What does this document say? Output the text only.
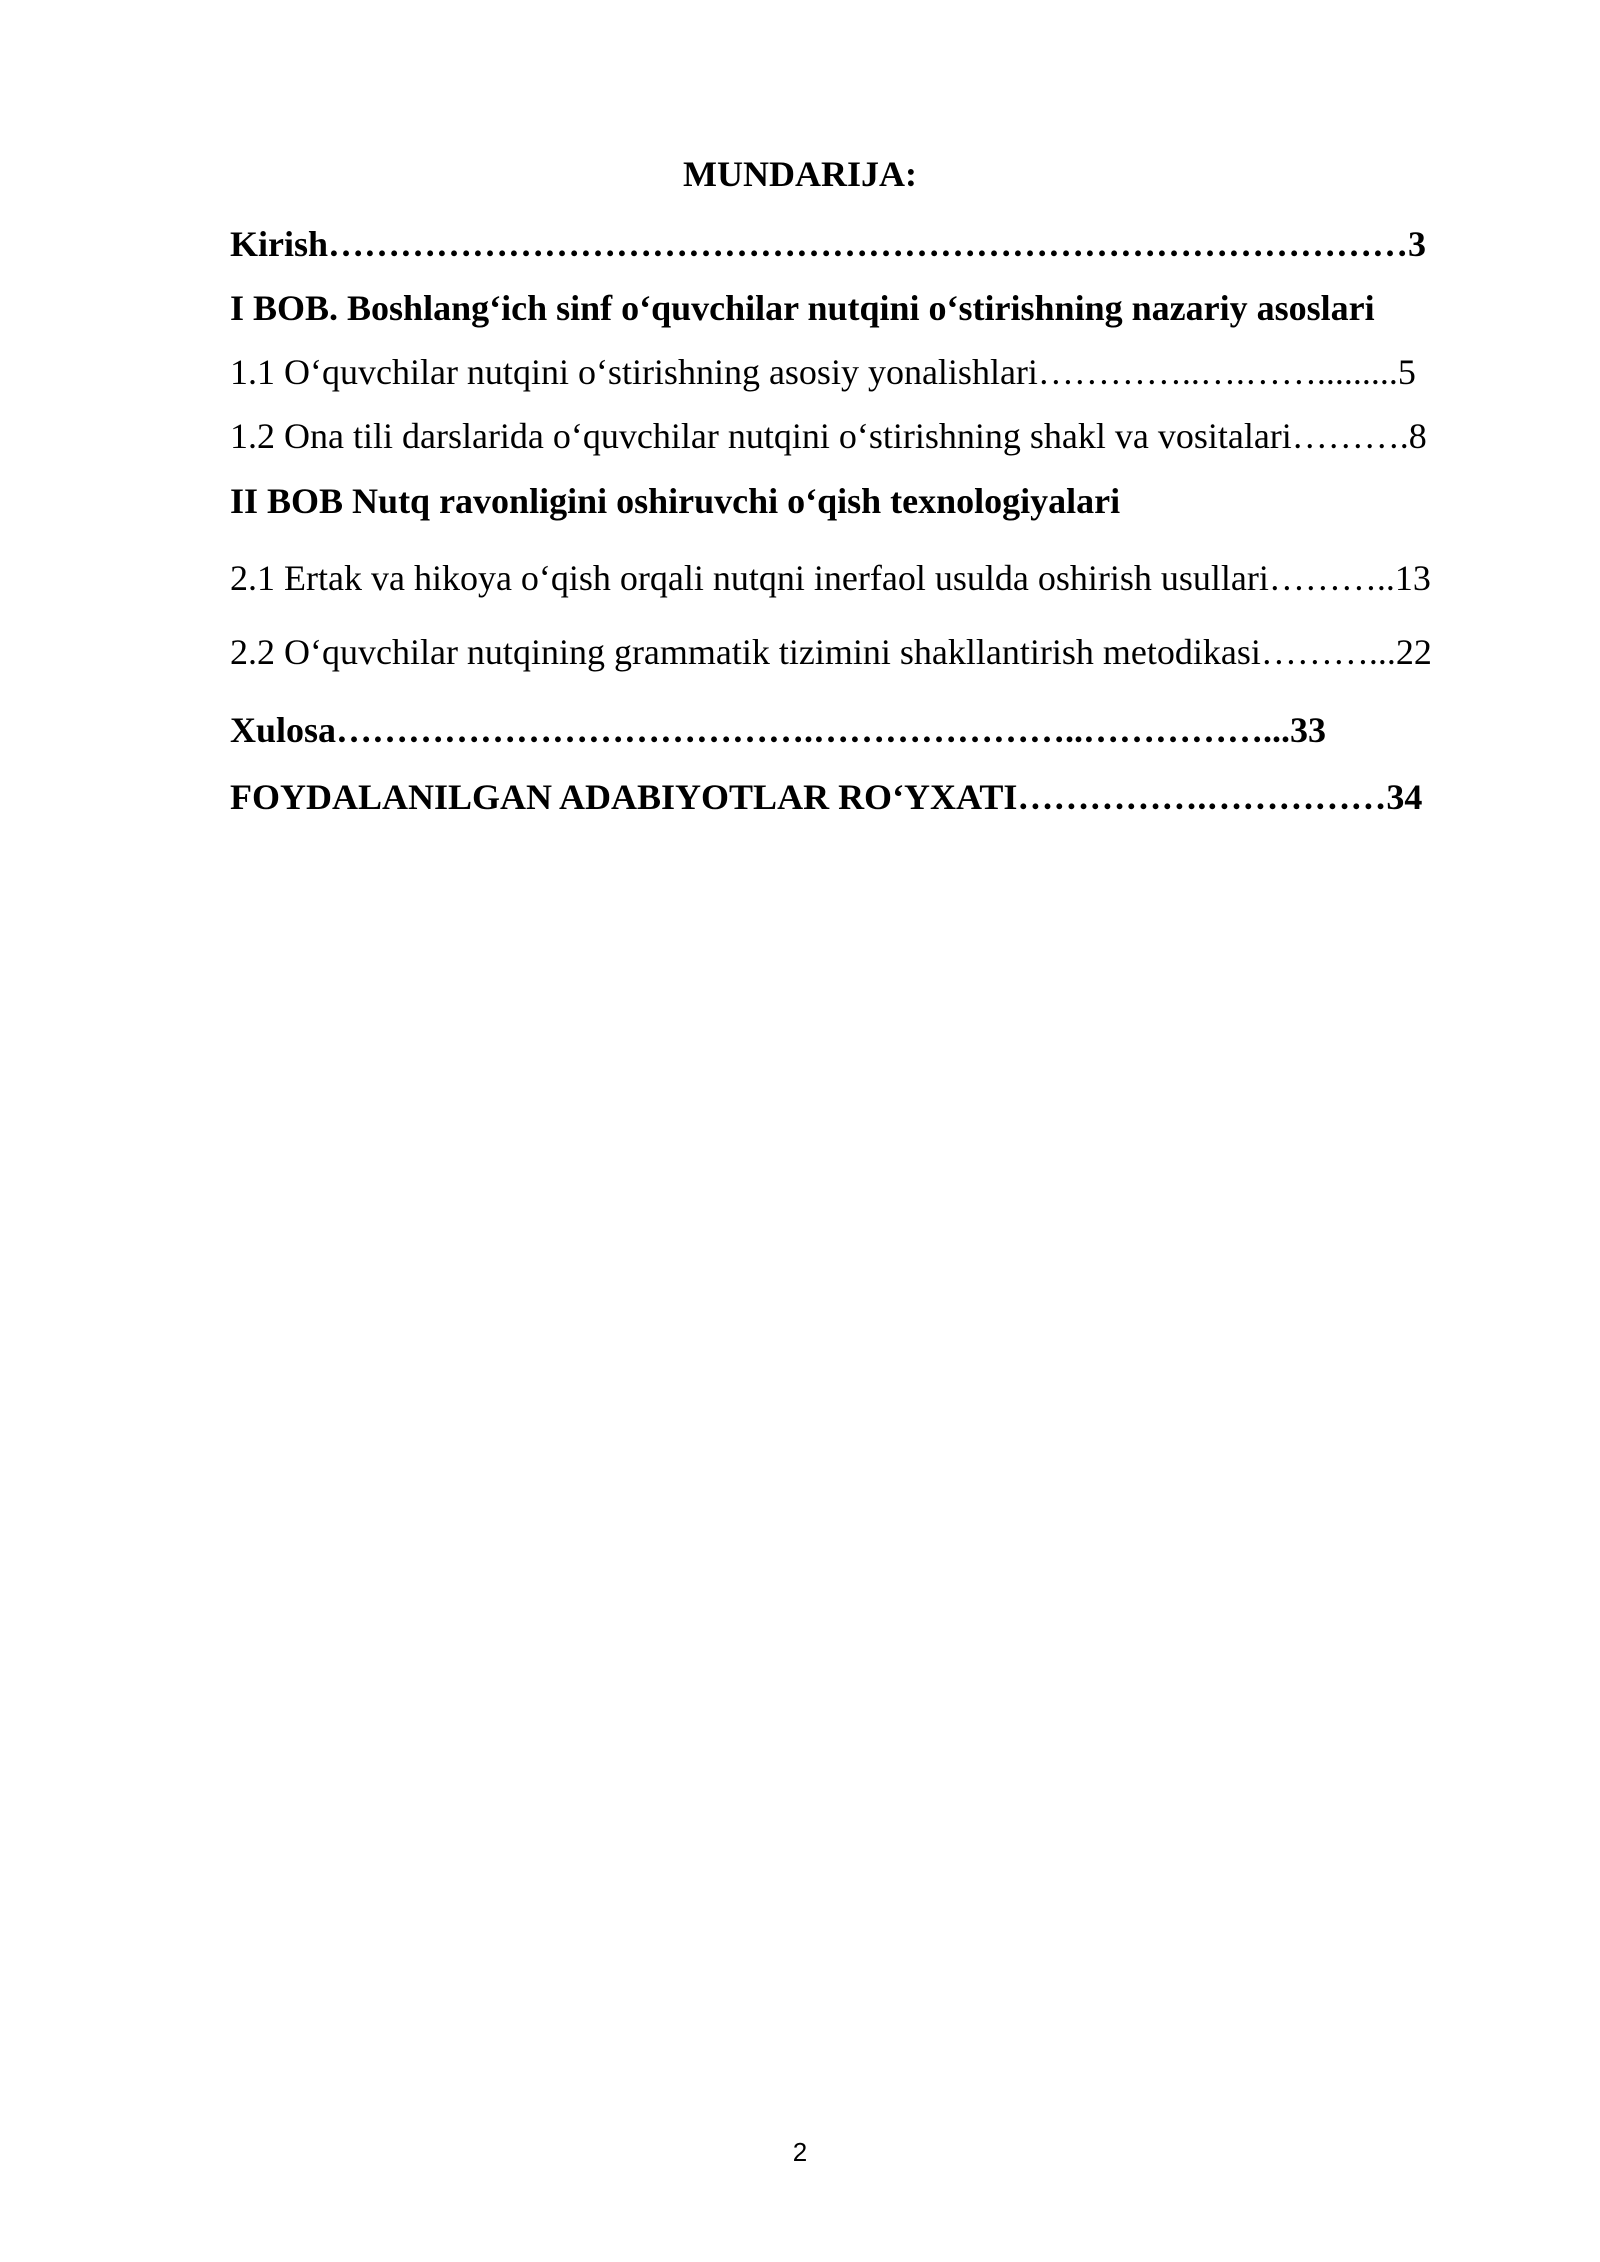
MUNDARIJA:
Kirish………………………………………………………………………………3
I BOB. Boshlang‘ich sinf o‘quvchilar nutqini o‘stirishning nazariy asoslari
1.1 O‘quvchilar nutqini o‘stirishning asosiy yonalishlari…………..….…….........5
1.2 Ona tili darslarida o‘quvchilar nutqini o‘stirishning shakl va vositalari……….8
II BOB Nutq ravonligini oshiruvchi o‘qish texnologiyalari
2.1 Ertak va hikoya o‘qish orqali nutqni inerfaol usulda oshirish usullari………..13
2.2 O‘quvchilar nutqining grammatik tizimini shakllantirish metodikasi………...22
Xulosa………………………………….…………………..……………...33
FOYDALANILGAN ADABIYOTLAR RO‘YXATI…………….……………34
2
